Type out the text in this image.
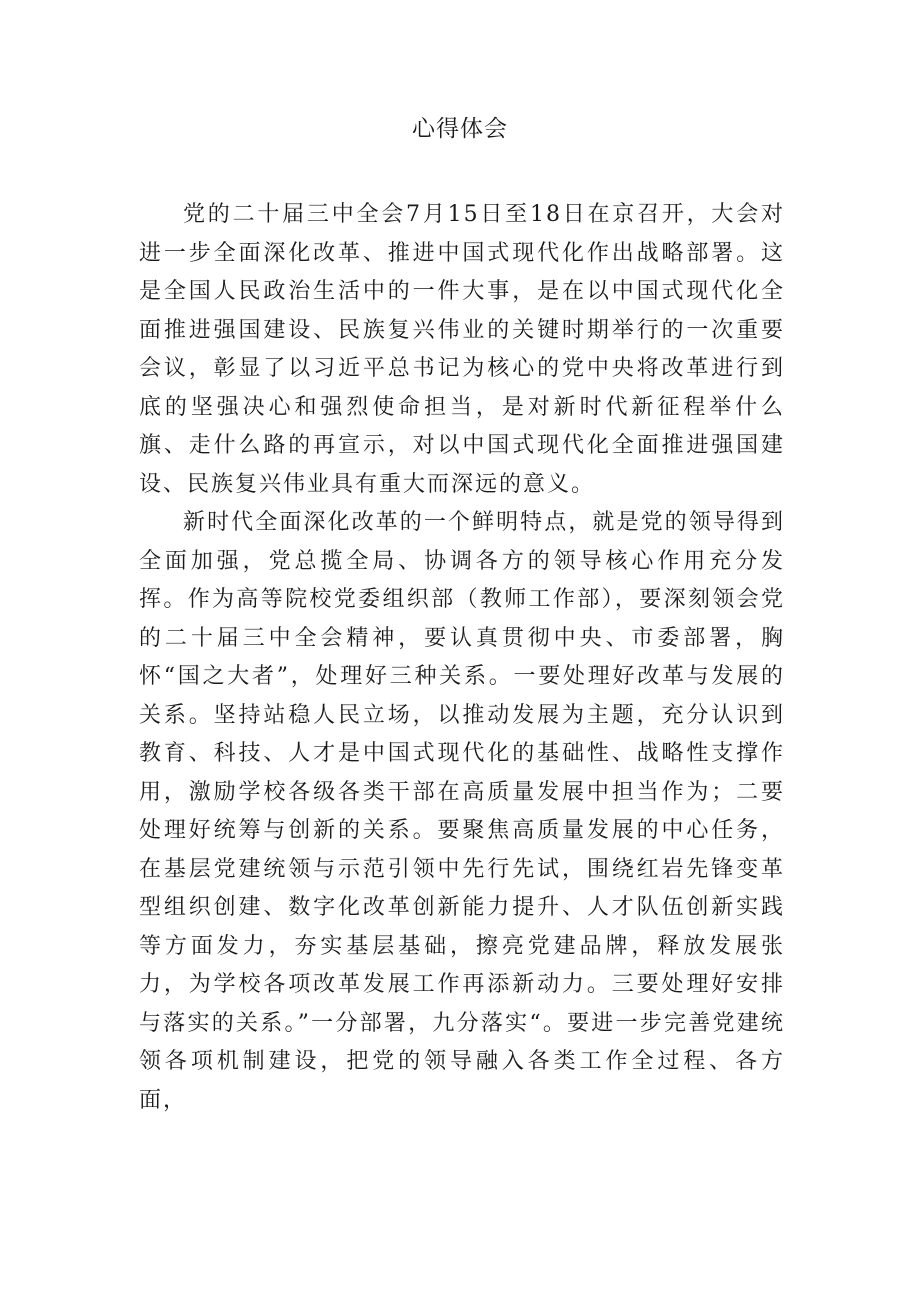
心得体会

党的二十届三中全会7月15日至18日在京召开，大会对进一步全面深化改革、推进中国式现代化作出战略部署。这是全国人民政治生活中的一件大事，是在以中国式现代化全面推进强国建设、民族复兴伟业的关键时期举行的一次重要会议，彰显了以习近平总书记为核心的党中央将改革进行到底的坚强决心和强烈使命担当，是对新时代新征程举什么旗、走什么路的再宣示，对以中国式现代化全面推进强国建设、民族复兴伟业具有重大而深远的意义。

新时代全面深化改革的一个鲜明特点，就是党的领导得到全面加强，党总揽全局、协调各方的领导核心作用充分发挥。作为高等院校党委组织部（教师工作部），要深刻领会党的二十届三中全会精神，要认真贯彻中央、市委部署，胸怀“国之大者”，处理好三种关系。一要处理好改革与发展的关系。坚持站稳人民立场，以推动发展为主题，充分认识到教育、科技、人才是中国式现代化的基础性、战略性支撑作用，激励学校各级各类干部在高质量发展中担当作为；二要处理好统筹与创新的关系。要聚焦高质量发展的中心任务，在基层党建统领与示范引领中先行先试，围绕红岩先锋变革型组织创建、数字化改革创新能力提升、人才队伍创新实践等方面发力，夯实基层基础，擦亮党建品牌，释放发展张力，为学校各项改革发展工作再添新动力。三要处理好安排与落实的关系。”一分部署，九分落实“。要进一步完善党建统领各项机制建设，把党的领导融入各类工作全过程、各方面，
